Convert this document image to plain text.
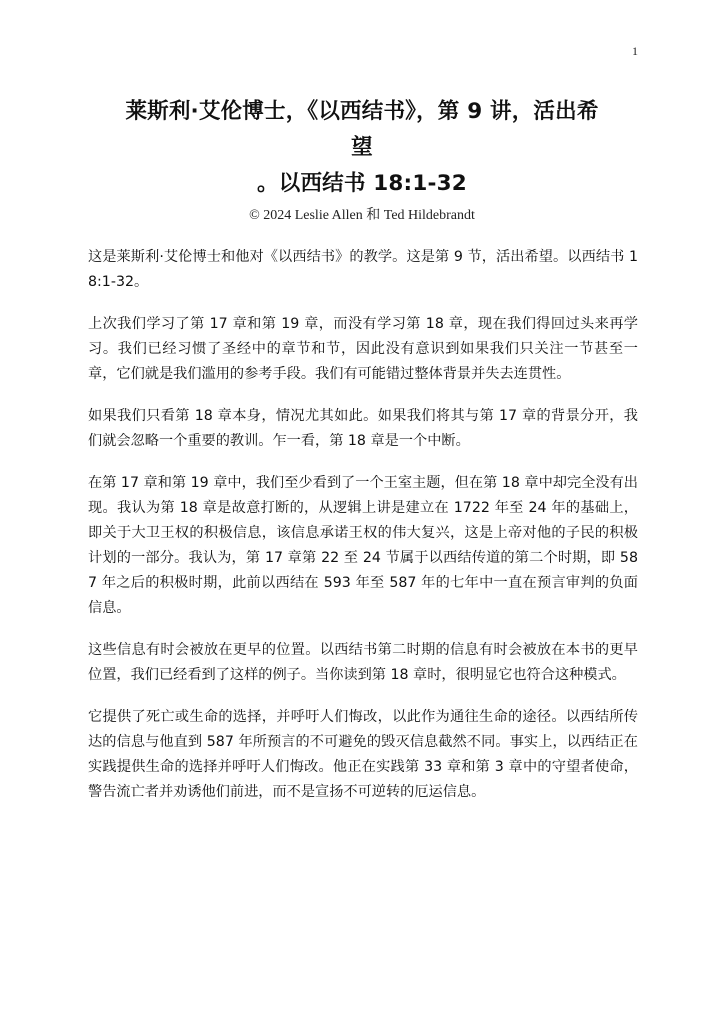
1
莱斯利·艾伦博士，《以西结书》，第 9 讲，活出希
望
。以西结书 18:1-32
© 2024 Leslie Allen 和 Ted Hildebrandt

这是莱斯利·艾伦博士和他对《以西结书》的教学。这是第 9 节，活出希望。以西结书 18:1-32。

上次我们学习了第 17 章和第 19 章，而没有学习第 18 章，现在我们得回过头来再学习。我们已经习惯了圣经中的章节和节，因此没有意识到如果我们只关注一节甚至一章，它们就是我们滥用的参考手段。我们有可能错过整体背景并失去连贯性。

如果我们只看第 18 章本身，情况尤其如此。如果我们将其与第 17 章的背景分开，我们就会忽略一个重要的教训。乍一看，第 18 章是一个中断。

在第 17 章和第 19 章中，我们至少看到了一个王室主题，但在第 18 章中却完全没有出现。我认为第 18 章是故意打断的，从逻辑上讲是建立在 1722 年至 24 年的基础上，即关于大卫王权的积极信息，该信息承诺王权的伟大复兴，这是上帝对他的子民的积极计划的一部分。我认为，第 17 章第 22 至 24 节属于以西结传道的第二个时期，即 587 年之后的积极时期，此前以西结在 593 年至 587 年的七年中一直在预言审判的负面信息。

这些信息有时会被放在更早的位置。以西结书第二时期的信息有时会被放在本书的更早位置，我们已经看到了这样的例子。当你读到第 18 章时，很明显它也符合这种模式。

它提供了死亡或生命的选择，并呼吁人们悔改，以此作为通往生命的途径。以西结所传达的信息与他直到 587 年所预言的不可避免的毁灭信息截然不同。事实上，以西结正在实践提供生命的选择并呼吁人们悔改。他正在实践第 33 章和第 3 章中的守望者使命，警告流亡者并劝诱他们前进，而不是宣扬不可逆转的厄运信息。
